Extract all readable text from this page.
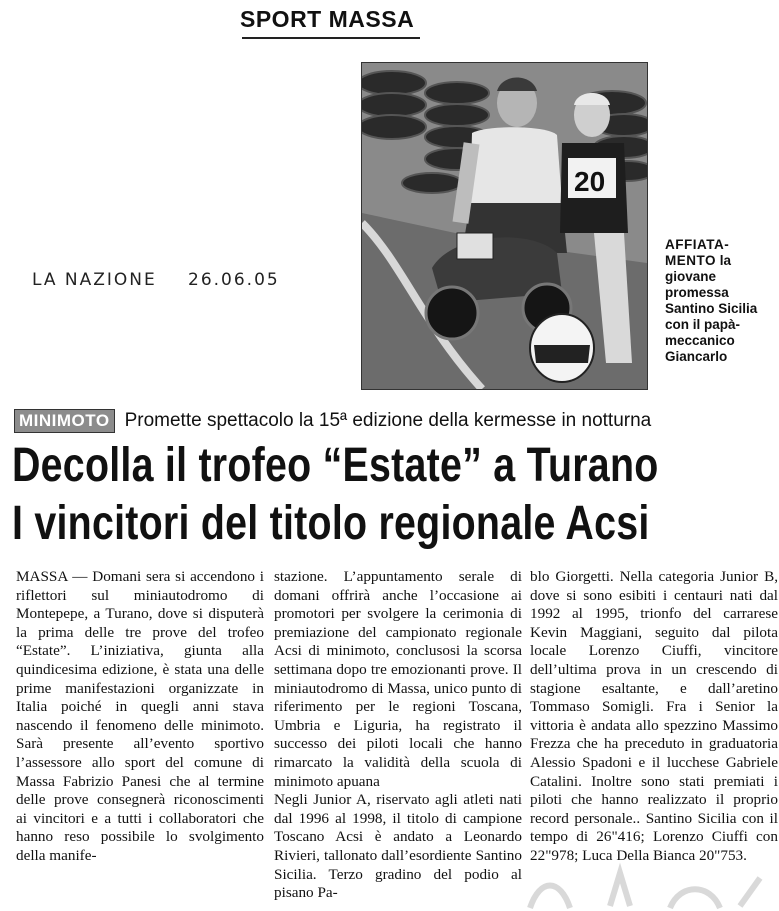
SPORT MASSA
LA NAZIONE 26.06.05
20
AFFIATA-MENTO la giovane promessa Santino Sicilia con il papà-meccanico Giancarlo
MINIMOTO Promette spettacolo la 15ª edizione della kermesse in notturna
Decolla il trofeo “Estate” a Turano
I vincitori del titolo regionale Acsi

MASSA — Domani sera si accendono i riflettori sul miniautodromo di Montepepe, a Turano, dove si disputerà la prima delle tre prove del trofeo “Estate”. L’iniziativa, giunta alla quindicesima edizione, è stata una delle prime manifestazioni organizzate in Italia poiché in quegli anni stava nascendo il fenomeno delle minimoto. Sarà presente all’evento sportivo l’assessore allo sport del comune di Massa Fabrizio Panesi che al termine delle prove consegnerà riconoscimenti ai vincitori e a tutti i collaboratori che hanno reso possibile lo svolgimento della manife-

stazione. L’appuntamento serale di domani offrirà anche l’occasione ai promotori per svolgere la cerimonia di premiazione del campionato regionale Acsi di minimoto, conclusosi la scorsa settimana dopo tre emozionanti prove. Il miniautodromo di Massa, unico punto di riferimento per le regioni Toscana, Umbria e Liguria, ha registrato il successo dei piloti locali che hanno rimarcato la validità della scuola di minimoto apuana

Negli Junior A, riservato agli atleti nati dal 1996 al 1998, il titolo di campione Toscano Acsi è andato a Leonardo Rivieri, tallonato dall’esordiente Santino Sicilia. Terzo gradino del podio al pisano Pa-

blo Giorgetti. Nella categoria Junior B, dove si sono esibiti i centauri nati dal 1992 al 1995, trionfo del carrarese Kevin Maggiani, seguito dal pilota locale Lorenzo Ciuffi, vincitore dell’ultima prova in un crescendo di stagione esaltante, e dall’aretino Tommaso Somigli. Fra i Senior la vittoria è andata allo spezzino Massimo Frezza che ha preceduto in graduatoria Alessio Spadoni e il lucchese Gabriele Catalini. Inoltre sono stati premiati i piloti che hanno realizzato il proprio record personale.. Santino Sicilia con il tempo di 26"416; Lorenzo Ciuffi con 22"978; Luca Della Bianca 20"753.
